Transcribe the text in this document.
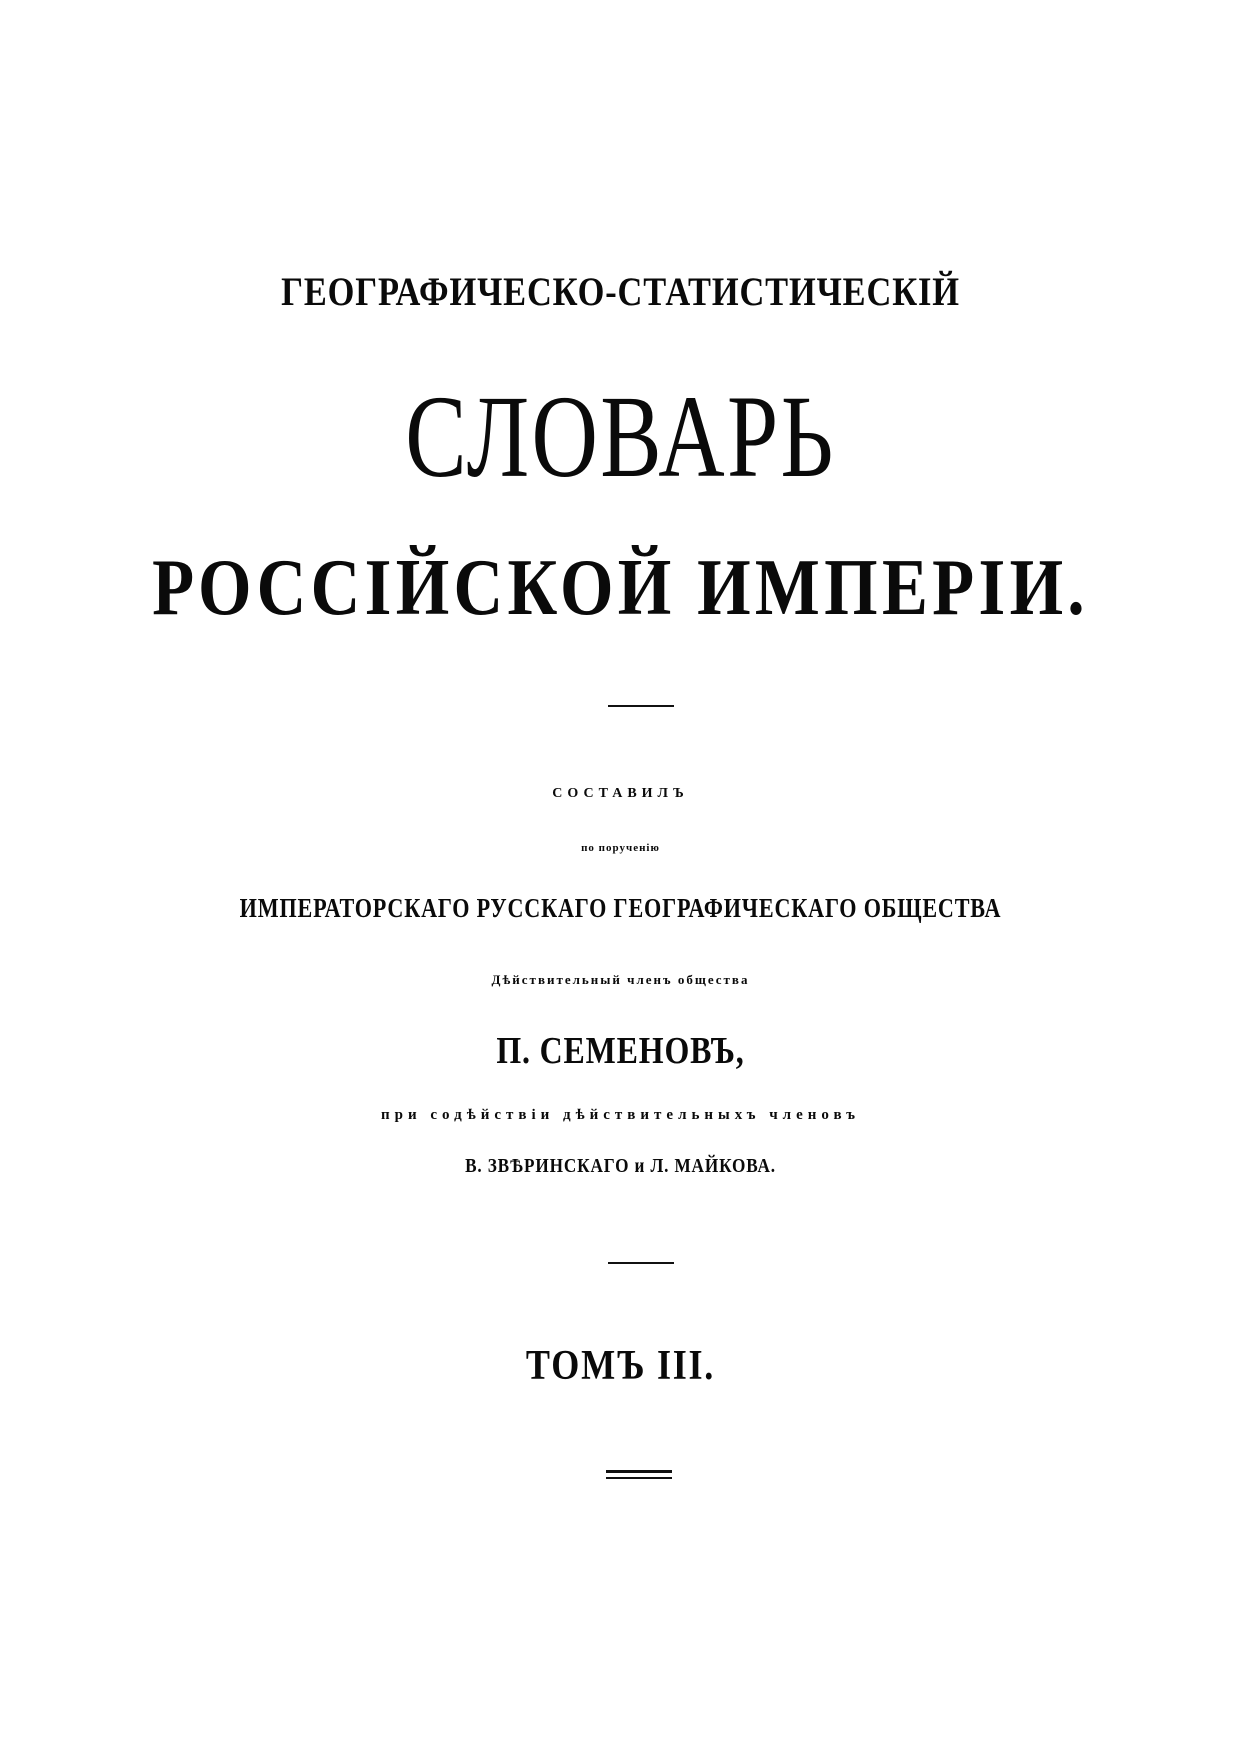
ГЕОГРАФИЧЕСКО-СТАТИСТИЧЕСКІЙ
СЛОВАРЬ
РОССІЙСКОЙ ИМПЕРІИ.
СОСТАВИЛЪ
по порученію
ИМПЕРАТОРСКАГО РУССКАГО ГЕОГРАФИЧЕСКАГО ОБЩЕСТВА
Дѣйствительный членъ общества
П. СЕМЕНОВЪ,
при содѣйствіи дѣйствительныхъ членовъ
В. ЗВѢРИНСКАГО и Л. МАЙКОВА.
ТОМЪ III.
